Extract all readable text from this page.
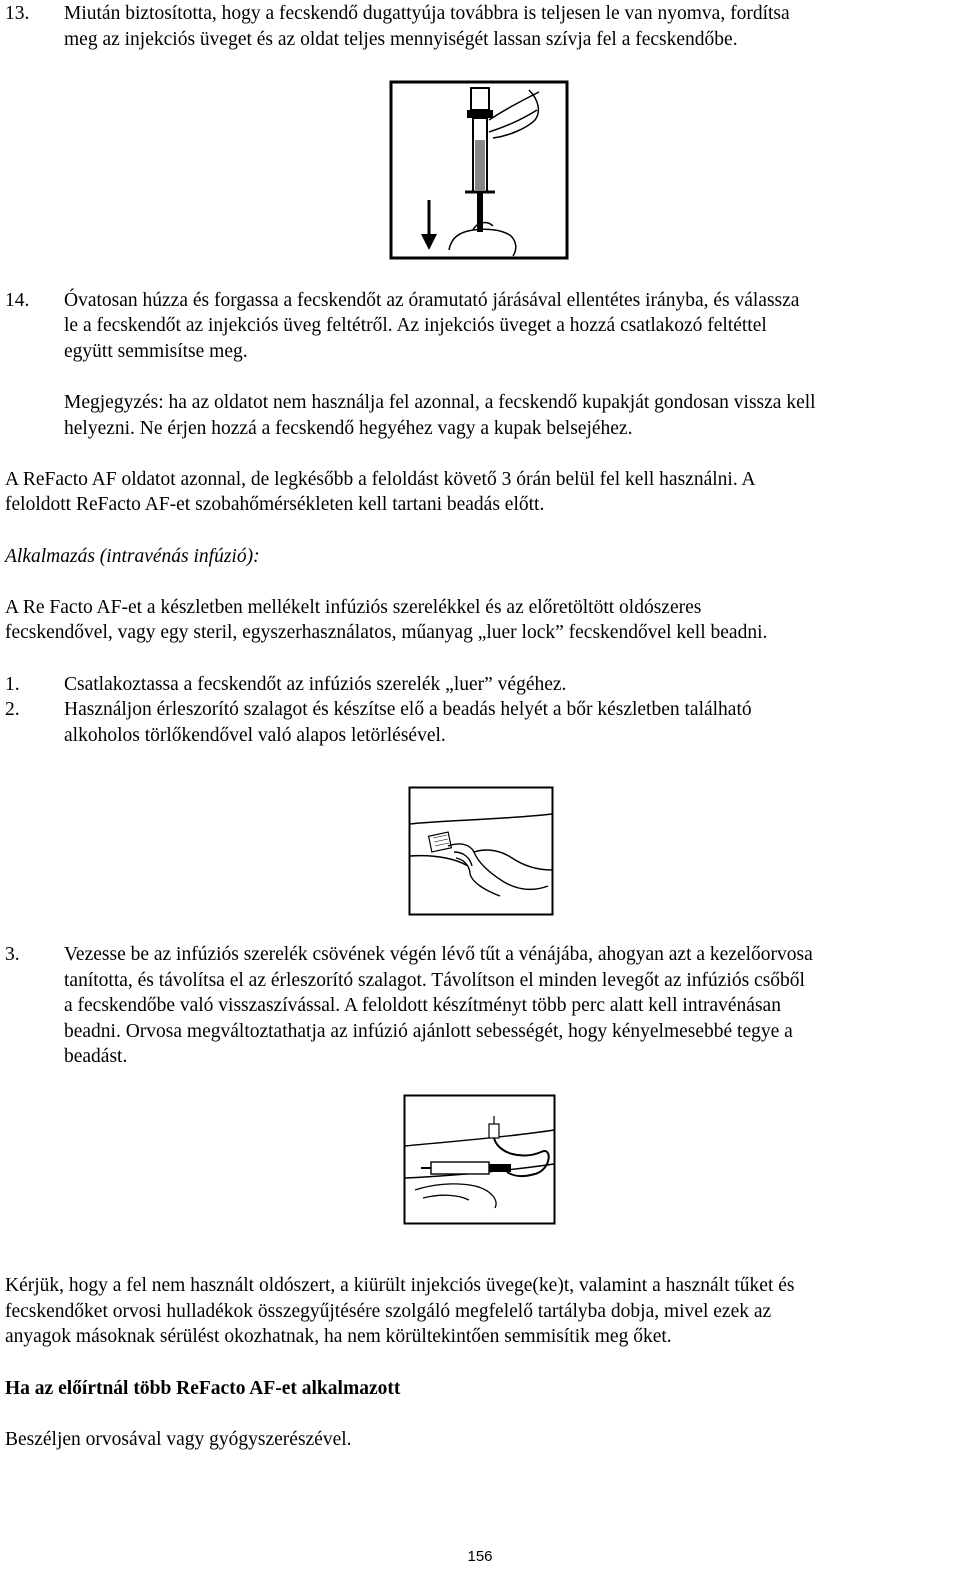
13. Miután biztosította, hogy a fecskendő dugattyúja továbbra is teljesen le van nyomva, fordítsa
meg az injekciós üveget és az oldat teljes mennyiségét lassan szívja fel a fecskendőbe.
14. Óvatosan húzza és forgassa a fecskendőt az óramutató járásával ellentétes irányba, és válassza
le a fecskendőt az injekciós üveg feltétről. Az injekciós üveget a hozzá csatlakozó feltéttel
együtt semmisítse meg.
Megjegyzés: ha az oldatot nem használja fel azonnal, a fecskendő kupakját gondosan vissza kell
helyezni. Ne érjen hozzá a fecskendő hegyéhez vagy a kupak belsejéhez.
A ReFacto AF oldatot azonnal, de legkésőbb a feloldást követő 3 órán belül fel kell használni. A
feloldott ReFacto AF-et szobahőmérsékleten kell tartani beadás előtt.
Alkalmazás (intravénás infúzió):
A Re Facto AF-et a készletben mellékelt infúziós szerelékkel és az előretöltött oldószeres
fecskendővel, vagy egy steril, egyszerhasználatos, műanyag „luer lock” fecskendővel kell beadni.
1. Csatlakoztassa a fecskendőt az infúziós szerelék „luer” végéhez.
2. Használjon érleszorító szalagot és készítse elő a beadás helyét a bőr készletben található
alkoholos törlőkendővel való alapos letörlésével.
3. Vezesse be az infúziós szerelék csövének végén lévő tűt a vénájába, ahogyan azt a kezelőorvosa
tanította, és távolítsa el az érleszorító szalagot. Távolítson el minden levegőt az infúziós csőből
a fecskendőbe való visszaszívással. A feloldott készítményt több perc alatt kell intravénásan
beadni. Orvosa megváltoztathatja az infúzió ajánlott sebességét, hogy kényelmesebbé tegye a
beadást.
Kérjük, hogy a fel nem használt oldószert, a kiürült injekciós üvege(ke)t, valamint a használt tűket és
fecskendőket orvosi hulladékok összegyűjtésére szolgáló megfelelő tartályba dobja, mivel ezek az
anyagok másoknak sérülést okozhatnak, ha nem körültekintően semmisítik meg őket.
Ha az előírtnál több ReFacto AF-et alkalmazott
Beszéljen orvosával vagy gyógyszerészével.
156
